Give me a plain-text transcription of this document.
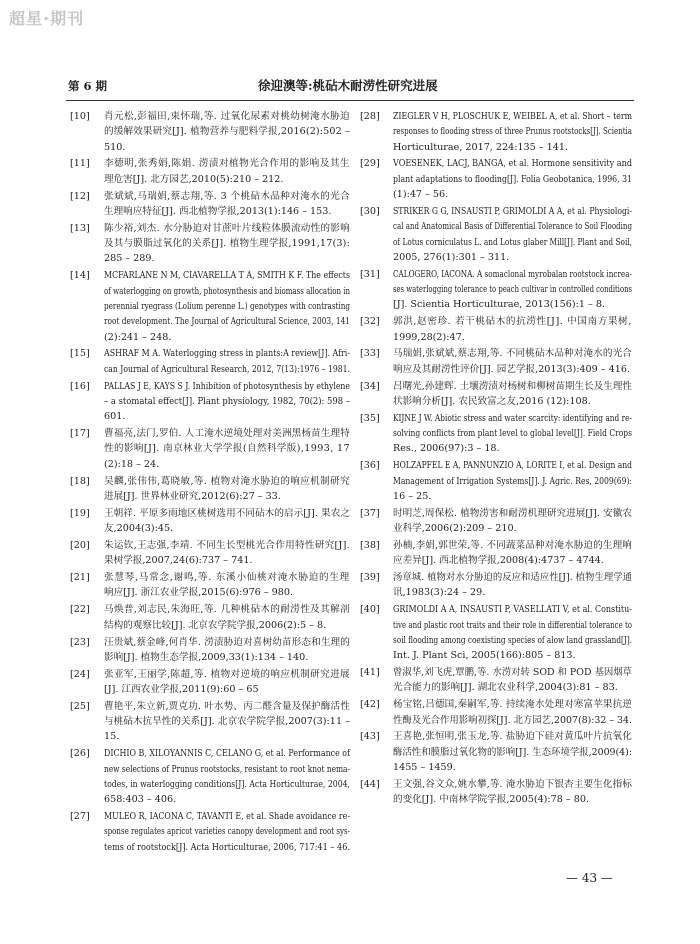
超星·期刊
第 6 期	徐迎澳等:桃砧木耐涝性研究进展
[10] 肖元松,彭福田,束怀瑞,等. 过氧化尿素对桃幼树淹水胁迫
的缓解效果研究[J]. 植物营养与肥料学报,2016(2):502 –
510.
[11] 李德明,张秀娟,陈娟. 涝渍对植物光合作用的影响及其生
理危害[J]. 北方园艺,2010(5):210 – 212.
[12] 张斌斌,马瑞娟,蔡志翔,等. 3 个桃砧木品种对淹水的光合
生理响应特征[J]. 西北植物学报,2013(1):146 – 153.
[13] 陈少裕,刘杰. 水分胁迫对甘蔗叶片线粒体膜流动性的影响
及其与膜脂过氧化的关系[J]. 植物生理学报,1991,17(3):
285 – 289.
[14] MCFARLANE N M, CIAVARELLA T A, SMITH K F. The effects
of waterlogging on growth, photosynthesis and biomass allocation in
perennial ryegrass (Lolium perenne L.) genotypes with contrasting
root development. The Journal of Agricultural Science, 2003, 141
(2):241 – 248.
[15] ASHRAF M A. Waterlogging stress in plants:A review[J]. Afri-
can Journal of Agricultural Research, 2012, 7(13):1976 – 1981.
[16] PALLAS J E, KAYS S J. Inhibition of photosynthesis by ethylene
– a stomatal effect[J]. Plant physiology, 1982, 70(2): 598 –
601.
[17] 曹福亮,法门,罗伯. 人工淹水逆境处理对美洲黑杨苗生理特
性的影响[J]. 南京林业大学学报(自然科学版),1993, 17
(2):18 – 24.
[18] 吴麟,张伟伟,葛晓敏,等. 植物对淹水胁迫的响应机制研究
进展[J]. 世界林业研究,2012(6):27 – 33.
[19] 王朝祥. 平原多雨地区桃树选用不同砧木的启示[J]. 果农之
友,2004(3):45.
[20] 朱运钦,王志强,李靖. 不同生长型桃光合作用特性研究[J].
果树学报,2007,24(6):737 – 741.
[21] 张慧琴,马常念,谢鸣,等. 东溪小仙桃对淹水胁迫的生理
响应[J]. 浙江农业学报,2015(6):976 – 980.
[22] 马焕普,刘志民,朱海旺,等. 几种桃砧木的耐涝性及其解剖
结构的观察比较[J]. 北京农学院学报,2006(2):5 – 8.
[23] 汪贵斌,蔡金峰,何肖华. 涝渍胁迫对喜树幼苗形态和生理的
影响[J]. 植物生态学报,2009,33(1):134 – 140.
[24] 张亚军,王丽学,陈超,等. 植物对逆境的响应机制研究进展
[J]. 江西农业学报,2011(9):60 – 65
[25] 曹艳平,朱立新,贾克功. 叶水势、丙二醛含量及保护酶活性
与桃砧木抗旱性的关系[J]. 北京农学院学报,2007(3):11 –
15.
[26] DICHIO B, XILOYANNIS C, CELANO G, et al. Performance of
new selections of Prunus rootstocks, resistant to root knot nema-
todes, in waterlogging conditions[J]. Acta Horticulturae, 2004,
658:403 – 406.
[27] MULEO R, IACONA C, TAVANTI E, et al. Shade avoidance re-
sponse regulates apricot varieties canopy development and root sys-
tems of rootstock[J]. Acta Horticulturae, 2006, 717:41 – 46.
[28] ZIEGLER V H, PLOSCHUK E, WEIBEL A, et al. Short – term
responses to flooding stress of three Prunus rootstocks[J]. Scientia
Horticulturae, 2017, 224:135 – 141.
[29] VOESENEK, LACJ, BANGA, et al. Hormone sensitivity and
plant adaptations to flooding[J]. Folia Geobotanica, 1996, 31
(1):47 – 56.
[30] STRIKER G G, INSAUSTI P, GRIMOLDI A A, et al. Physiologi-
cal and Anatomical Basis of Differential Tolerance to Soil Flooding
of Lotus corniculatus L. and Lotus glaber Mill[J]. Plant and Soil,
2005, 276(1):301 – 311.
[31] CALOGERO, IACONA. A somaclonal myrobalan rootstock increa-
ses waterlogging tolerance to peach cultivar in controlled conditions
[J]. Scientia Horticulturae, 2013(156):1 – 8.
[32] 郭洪,赵密珍. 若干桃砧木的抗涝性[J]. 中国南方果树,
1999,28(2):47.
[33] 马瑞娟,张斌斌,蔡志翔,等. 不同桃砧木品种对淹水的光合
响应及其耐涝性评价[J]. 园艺学报,2013(3):409 – 416.
[34] 吕曙光,孙建辉. 土壤涝渍对杨树和柳树苗期生长及生理性
状影响分析[J]. 农民致富之友,2016 (12):108.
[35] KIJNE J W. Abiotic stress and water scarcity: identifying and re-
solving conflicts from plant level to global level[J]. Field Crops
Res., 2006(97):3 – 18.
[36] HOLZAPFEL E A, PANNUNZIO A, LORITE I, et al. Design and
Management of Irrigation Systems[J]. J. Agric. Res, 2009(69):
16 – 25.
[37] 时明芝,周保松. 植物涝害和耐涝机理研究进展[J]. 安徽农
业科学,2006(2):209 – 210.
[38] 孙楠,李娟,郭世荣,等. 不同蔬菜品种对淹水胁迫的生理响
应差异[J]. 西北植物学报,2008(4):4737 – 4744.
[39] 汤章城. 植物对水分胁迫的反应和适应性[J]. 植物生理学通
讯,1983(3):24 – 29.
[40] GRIMOLDI A A, INSAUSTI P, VASELLATI V, et al. Constitu-
tive and plastic root traits and their role in differential tolerance to
soil flooding among coexisting species of alow land grassland[J].
Int. J. Plant Sci, 2005(166):805 – 813.
[41] 曾淑华,刘飞虎,覃鹏,等. 水涝对转 SOD 和 POD 基因烟草
光合能力的影响[J]. 湖北农业科学,2004(3):81 – 83.
[42] 杨宝铭,吕德国,秦嗣军,等. 持续淹水处理对寒富苹果抗逆
性酶及光合作用影响初探[J]. 北方园艺,2007(8):32 – 34.
[43] 王喜艳,张恒明,张玉龙,等. 盐胁迫下硅对黄瓜叶片抗氧化
酶活性和膜脂过氧化物的影响[J]. 生态环境学报,2009(4):
1455 – 1459.
[44] 王文强,谷文众,姚水攀,等. 淹水胁迫下银杏主要生化指标
的变化[J]. 中南林学院学报,2005(4):78 – 80.
— 43 —
